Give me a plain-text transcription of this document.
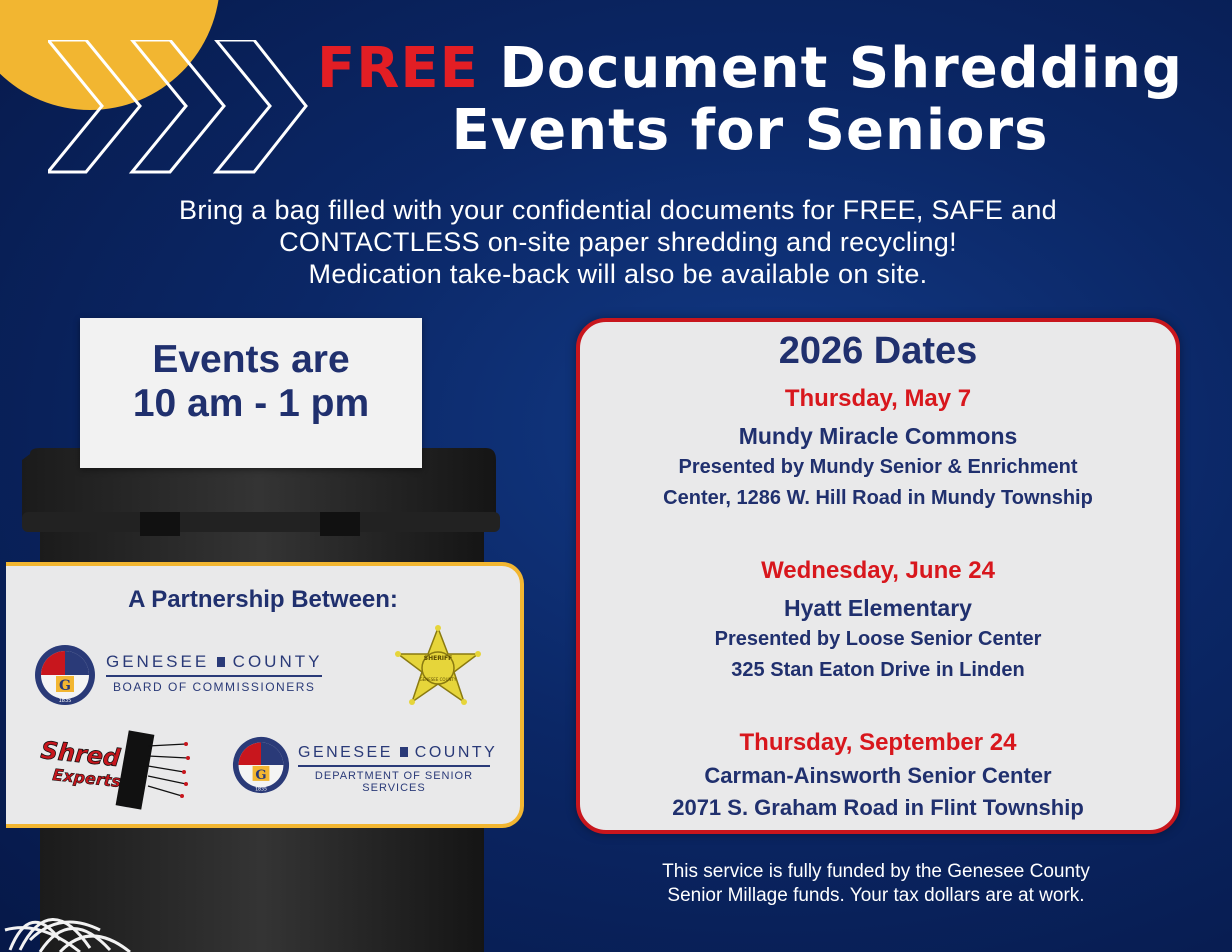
FREE Document Shredding
Events for Seniors

Bring a bag filled with your confidential documents for FREE, SAFE and
CONTACTLESS on-site paper shredding and recycling!
Medication take-back will also be available on site.

Events are
10 am - 1 pm

A Partnership Between:

G
1835
GENESEE COUNTY
BOARD OF COMMISSIONERS
SHERIFF
GENESEE COUNTY
Shred
Experts	G
1835
GENESEE COUNTY
DEPARTMENT OF SENIOR
SERVICES

2026 Dates

Thursday, May 7
Mundy Miracle Commons
Presented by Mundy Senior & Enrichment
Center, 1286 W. Hill Road in Mundy Township
Wednesday, June 24
Hyatt Elementary
Presented by Loose Senior Center
325 Stan Eaton Drive in Linden
Thursday, September 24
Carman-Ainsworth Senior Center
2071 S. Graham Road in Flint Township

This service is fully funded by the Genesee County
Senior Millage funds. Your tax dollars are at work.
